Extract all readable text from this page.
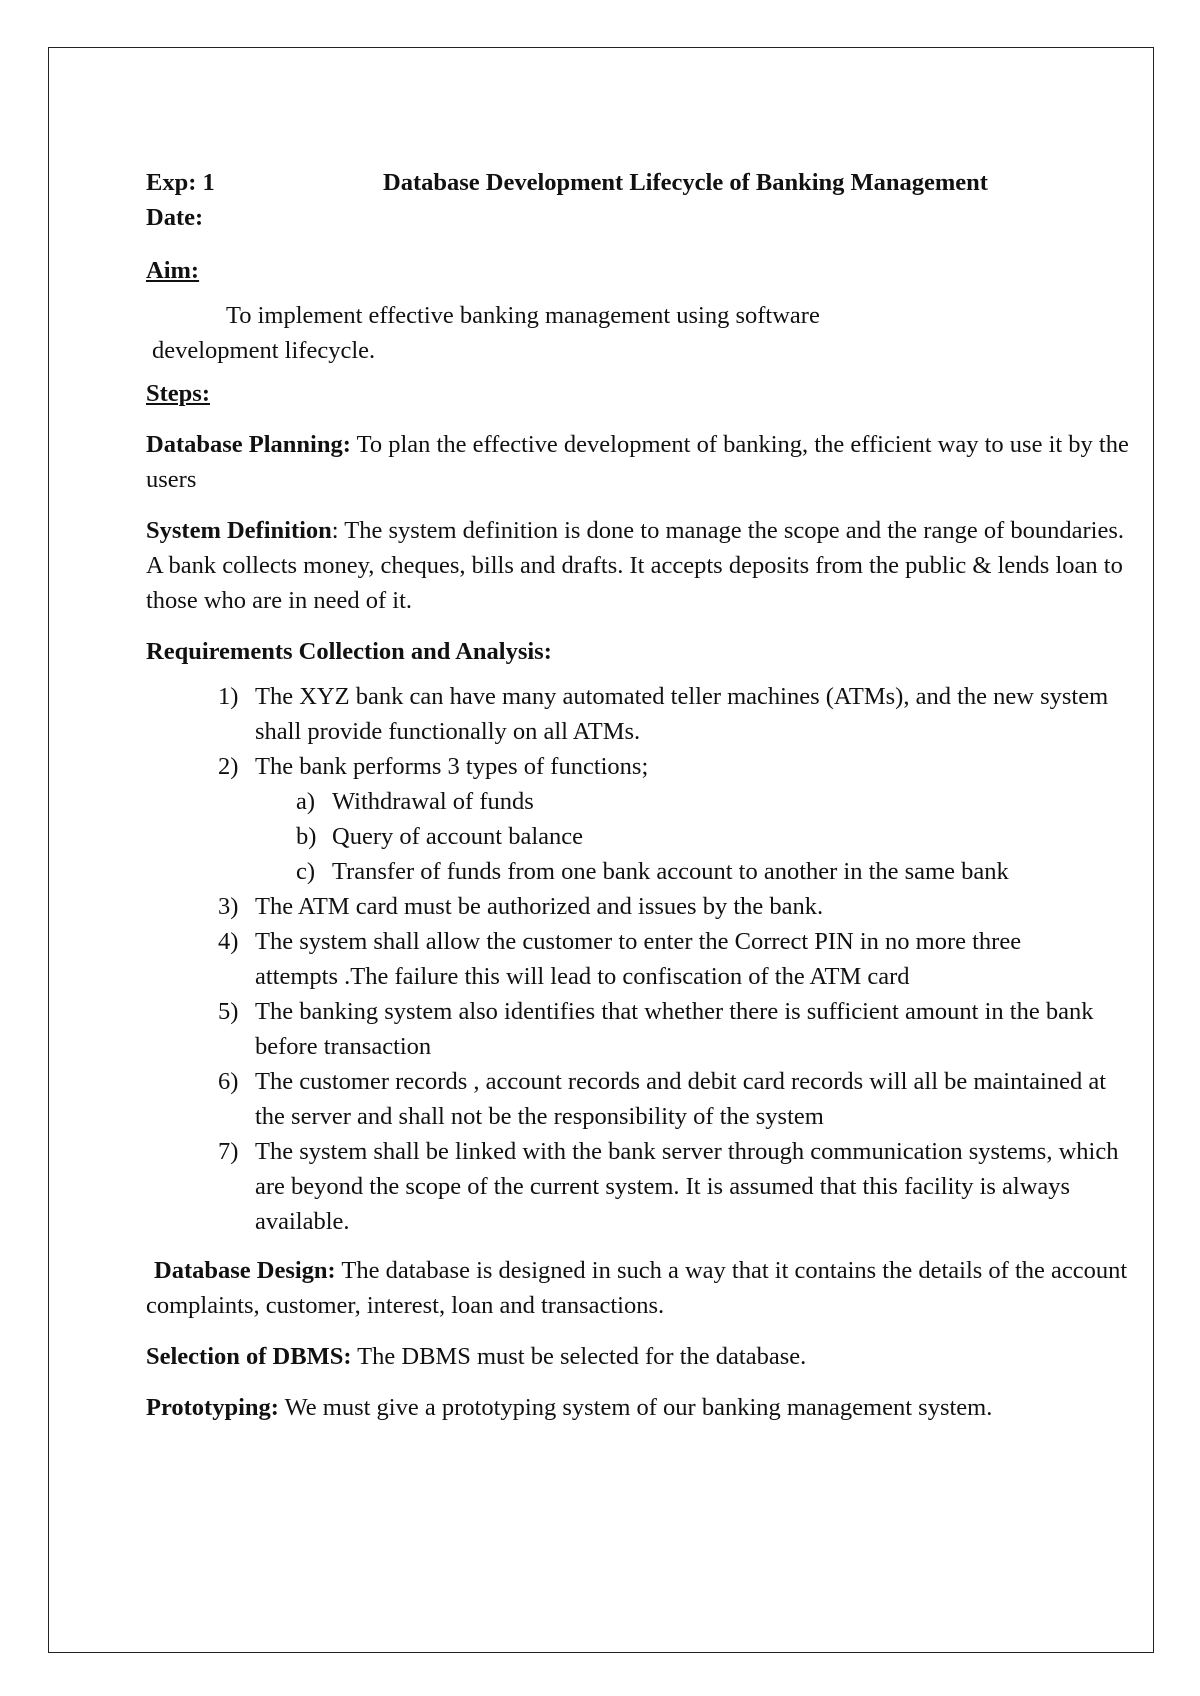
Exp: 1	Database Development Lifecycle of Banking Management
Date:
Aim:
To implement effective banking management using software
development lifecycle.
Steps:
Database Planning: To plan the effective development of banking, the efficient way to use it by the users
System Definition: The system definition is done to manage the scope and the range of boundaries. A bank collects money, cheques, bills and drafts. It accepts deposits from the public & lends loan to those who are in need of it.
Requirements Collection and Analysis:
1) The XYZ bank can have many automated teller machines (ATMs), and the new system shall provide functionally on all ATMs.
2) The bank performs 3 types of functions;
a) Withdrawal of funds
b) Query of account balance
c) Transfer of funds from one bank account to another in the same bank
3) The ATM card must be authorized and issues by the bank.
4) The system shall allow the customer to enter the Correct PIN in no more three attempts .The failure this will lead to confiscation of the ATM card
5) The banking system also identifies that whether there is sufficient amount in the bank before transaction
6) The customer records , account records and debit card records will all be maintained at the server and shall not be the responsibility of the system
7) The system shall be linked with the bank server through communication systems, which are beyond the scope of the current system. It is assumed that this facility is always available.
Database Design: The database is designed in such a way that it contains the details of the account complaints, customer, interest, loan and transactions.
Selection of DBMS: The DBMS must be selected for the database.
Prototyping: We must give a prototyping system of our banking management system.
